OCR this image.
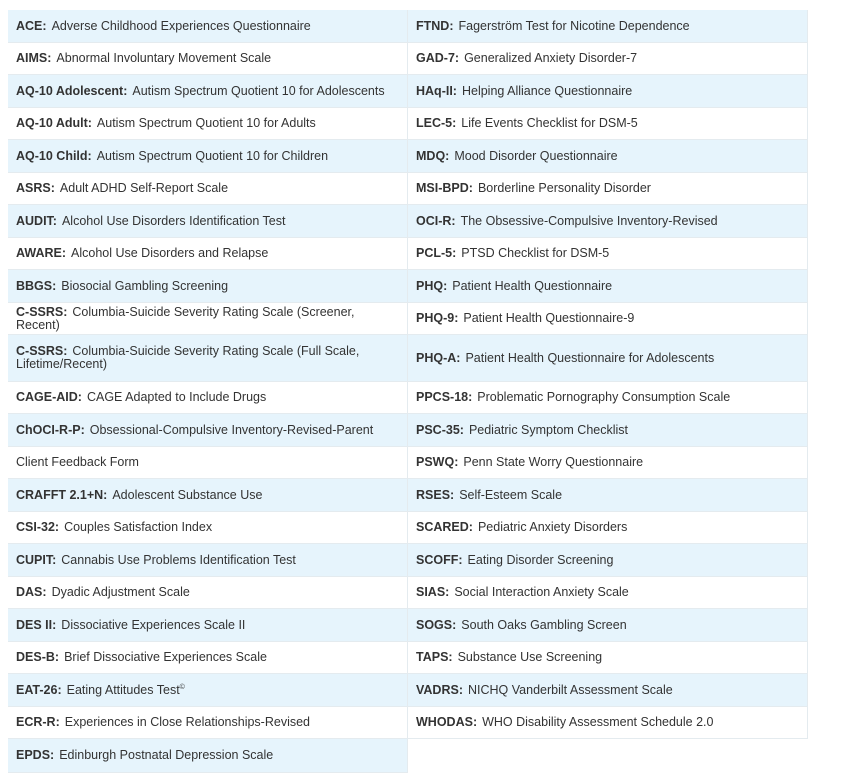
ACE: Adverse Childhood Experiences Questionnaire	FTND: Fagerström Test for Nicotine Dependence
AIMS: Abnormal Involuntary Movement Scale	GAD-7: Generalized Anxiety Disorder-7
AQ-10 Adolescent: Autism Spectrum Quotient 10 for Adolescents	HAq-II: Helping Alliance Questionnaire
AQ-10 Adult: Autism Spectrum Quotient 10 for Adults	LEC-5: Life Events Checklist for DSM-5
AQ-10 Child: Autism Spectrum Quotient 10 for Children	MDQ: Mood Disorder Questionnaire
ASRS: Adult ADHD Self-Report Scale	MSI-BPD: Borderline Personality Disorder
AUDIT: Alcohol Use Disorders Identification Test	OCI-R: The Obsessive-Compulsive Inventory-Revised
AWARE: Alcohol Use Disorders and Relapse	PCL-5: PTSD Checklist for DSM-5
BBGS: Biosocial Gambling Screening	PHQ: Patient Health Questionnaire
C-SSRS: Columbia-Suicide Severity Rating Scale (Screener, Recent)	PHQ-9: Patient Health Questionnaire-9
C-SSRS: Columbia-Suicide Severity Rating Scale (Full Scale, Lifetime/Recent)	PHQ-A: Patient Health Questionnaire for Adolescents
CAGE-AID: CAGE Adapted to Include Drugs	PPCS-18: Problematic Pornography Consumption Scale
ChOCI-R-P: Obsessional-Compulsive Inventory-Revised-Parent	PSC-35: Pediatric Symptom Checklist
Client Feedback Form	PSWQ: Penn State Worry Questionnaire
CRAFFT 2.1+N: Adolescent Substance Use	RSES: Self-Esteem Scale
CSI-32: Couples Satisfaction Index	SCARED: Pediatric Anxiety Disorders
CUPIT: Cannabis Use Problems Identification Test	SCOFF: Eating Disorder Screening
DAS: Dyadic Adjustment Scale	SIAS: Social Interaction Anxiety Scale
DES II: Dissociative Experiences Scale II	SOGS: South Oaks Gambling Screen
DES-B: Brief Dissociative Experiences Scale	TAPS: Substance Use Screening
EAT-26: Eating Attitudes Test©	VADRS: NICHQ Vanderbilt Assessment Scale
ECR-R: Experiences in Close Relationships-Revised	WHODAS: WHO Disability Assessment Schedule 2.0
EPDS: Edinburgh Postnatal Depression Scale
